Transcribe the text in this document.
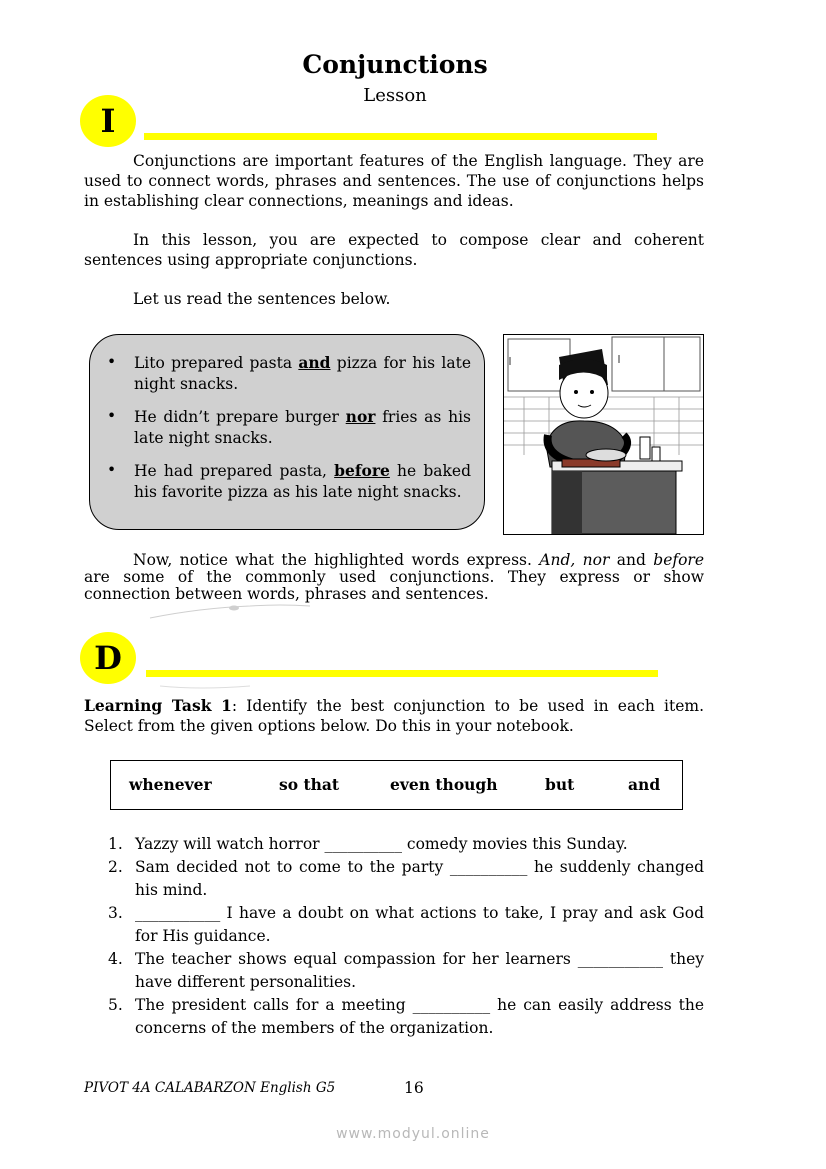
Conjunctions
Lesson
I
Conjunctions are important features of the English language. They are used to connect words, phrases and sentences. The use of conjunctions helps in establishing clear connections, meanings and ideas.
In this lesson, you are expected to compose clear and coherent sentences using appropriate conjunctions.
Let us read the sentences below.
• Lito prepared pasta and pizza for his late night snacks.
• He didn’t prepare burger nor fries as his late night snacks.
• He had prepared pasta, before he baked his favorite pizza as his late night snacks.
Now, notice what the highlighted words express. And, nor and before are some of the commonly used conjunctions. They express or show connection between words, phrases and sentences.
D
Learning Task 1: Identify the best conjunction to be used in each item. Select from the given options below. Do this in your notebook.
whenever	so that	even though	but	and
1. Yazzy will watch horror __________ comedy movies this Sunday.
2. Sam decided not to come to the party __________ he suddenly changed his mind.
3. ___________ I have a doubt on what actions to take, I pray and ask God for His guidance.
4. The teacher shows equal compassion for her learners ___________ they have different personalities.
5. The president calls for a meeting __________ he can easily address the concerns of the members of the organization.
PIVOT 4A CALABARZON English G5	16
www.modyul.online
